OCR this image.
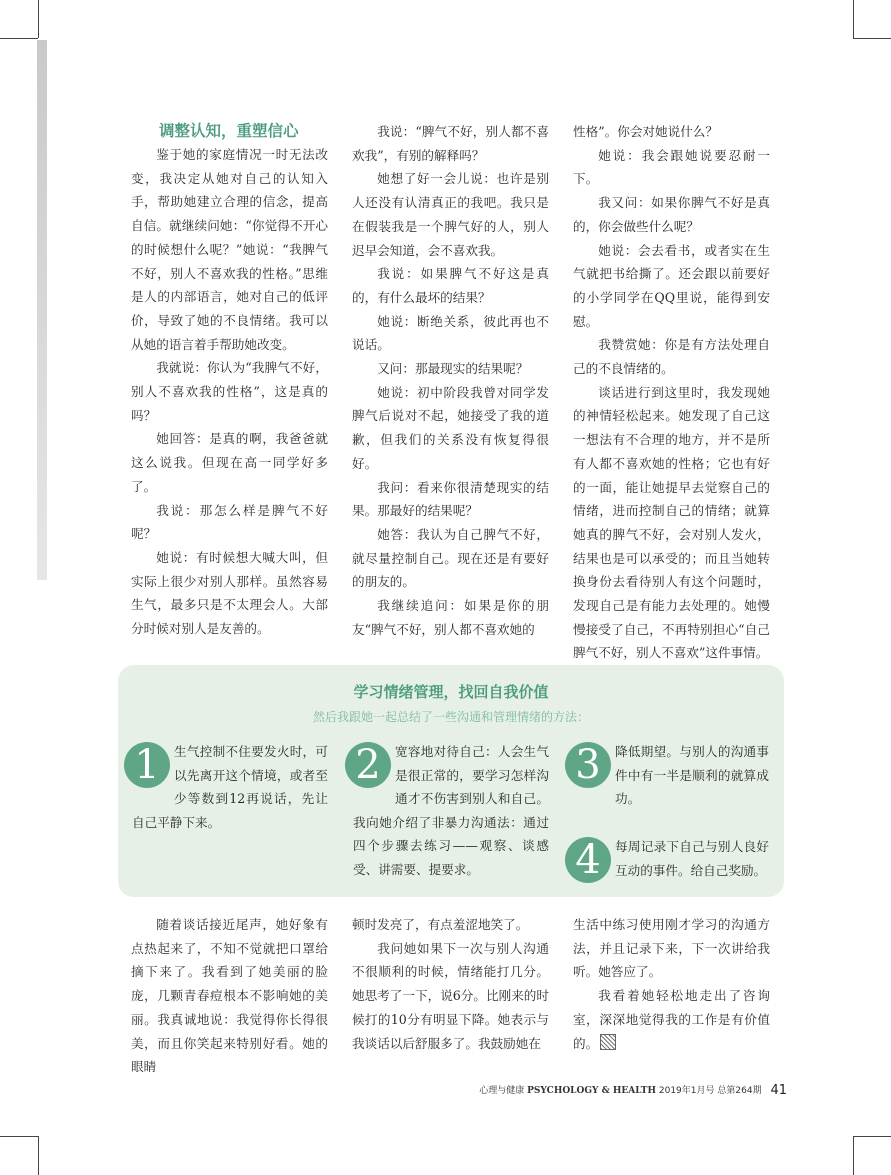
调整认知，重塑信心

鉴于她的家庭情况一时无法改变，我决定从她对自己的认知入手，帮助她建立合理的信念，提高自信。就继续问她：“你觉得不开心的时候想什么呢？”她说：“我脾气不好，别人不喜欢我的性格。”思维是人的内部语言，她对自己的低评价，导致了她的不良情绪。我可以从她的语言着手帮助她改变。

我就说：你认为“我脾气不好，别人不喜欢我的性格”，这是真的吗？

她回答：是真的啊，我爸爸就这么说我。但现在高一同学好多了。

我说：那怎么样是脾气不好呢？

她说：有时候想大喊大叫，但实际上很少对别人那样。虽然容易生气，最多只是不太理会人。大部分时候对别人是友善的。

我说：“脾气不好，别人都不喜欢我”，有别的解释吗？

她想了好一会儿说：也许是别人还没有认清真正的我吧。我只是在假装我是一个脾气好的人，别人迟早会知道，会不喜欢我。

我说：如果脾气不好这是真的，有什么最坏的结果？

她说：断绝关系，彼此再也不说话。

又问：那最现实的结果呢？

她说：初中阶段我曾对同学发脾气后说对不起，她接受了我的道歉，但我们的关系没有恢复得很好。

我问：看来你很清楚现实的结果。那最好的结果呢？

她答：我认为自己脾气不好，就尽量控制自己。现在还是有要好的朋友的。

我继续追问：如果是你的朋友“脾气不好，别人都不喜欢她的

性格”。你会对她说什么？

她说：我会跟她说要忍耐一下。

我又问：如果你脾气不好是真的，你会做些什么呢？

她说：会去看书，或者实在生气就把书给撕了。还会跟以前要好的小学同学在QQ里说，能得到安慰。

我赞赏她：你是有方法处理自己的不良情绪的。

谈话进行到这里时，我发现她的神情轻松起来。她发现了自己这一想法有不合理的地方，并不是所有人都不喜欢她的性格；它也有好的一面，能让她提早去觉察自己的情绪，进而控制自己的情绪；就算她真的脾气不好，会对别人发火，结果也是可以承受的；而且当她转换身份去看待别人有这个问题时，发现自己是有能力去处理的。她慢慢接受了自己，不再特别担心“自己脾气不好，别人不喜欢”这件事情。

学习情绪管理，找回自我价值
然后我跟她一起总结了一些沟通和管理情绪的方法：
1	生气控制不住要发火时，可以先离开这个情境，或者至少等数到12再说话，先让自己平静下来。
2	宽容地对待自己：人会生气是很正常的，要学习怎样沟通才不伤害到别人和自己。我向她介绍了非暴力沟通法：通过四个步骤去练习——观察、谈感受、讲需要、提要求。
3	降低期望。与别人的沟通事件中有一半是顺利的就算成功。
4	每周记录下自己与别人良好互动的事件。给自己奖励。

随着谈话接近尾声，她好象有点热起来了，不知不觉就把口罩给摘下来了。我看到了她美丽的脸庞，几颗青春痘根本不影响她的美丽。我真诚地说：我觉得你长得很美，而且你笑起来特别好看。她的眼睛

顿时发亮了，有点羞涩地笑了。

我问她如果下一次与别人沟通不很顺利的时候，情绪能打几分。她思考了一下，说6分。比刚来的时候打的10分有明显下降。她表示与我谈话以后舒服多了。我鼓励她在

生活中练习使用刚才学习的沟通方法，并且记录下来，下一次讲给我听。她答应了。

我看着她轻松地走出了咨询室，深深地觉得我的工作是有价值的。

心理与健康 PSYCHOLOGY & HEALTH 2019年1月号 总第264期 41
